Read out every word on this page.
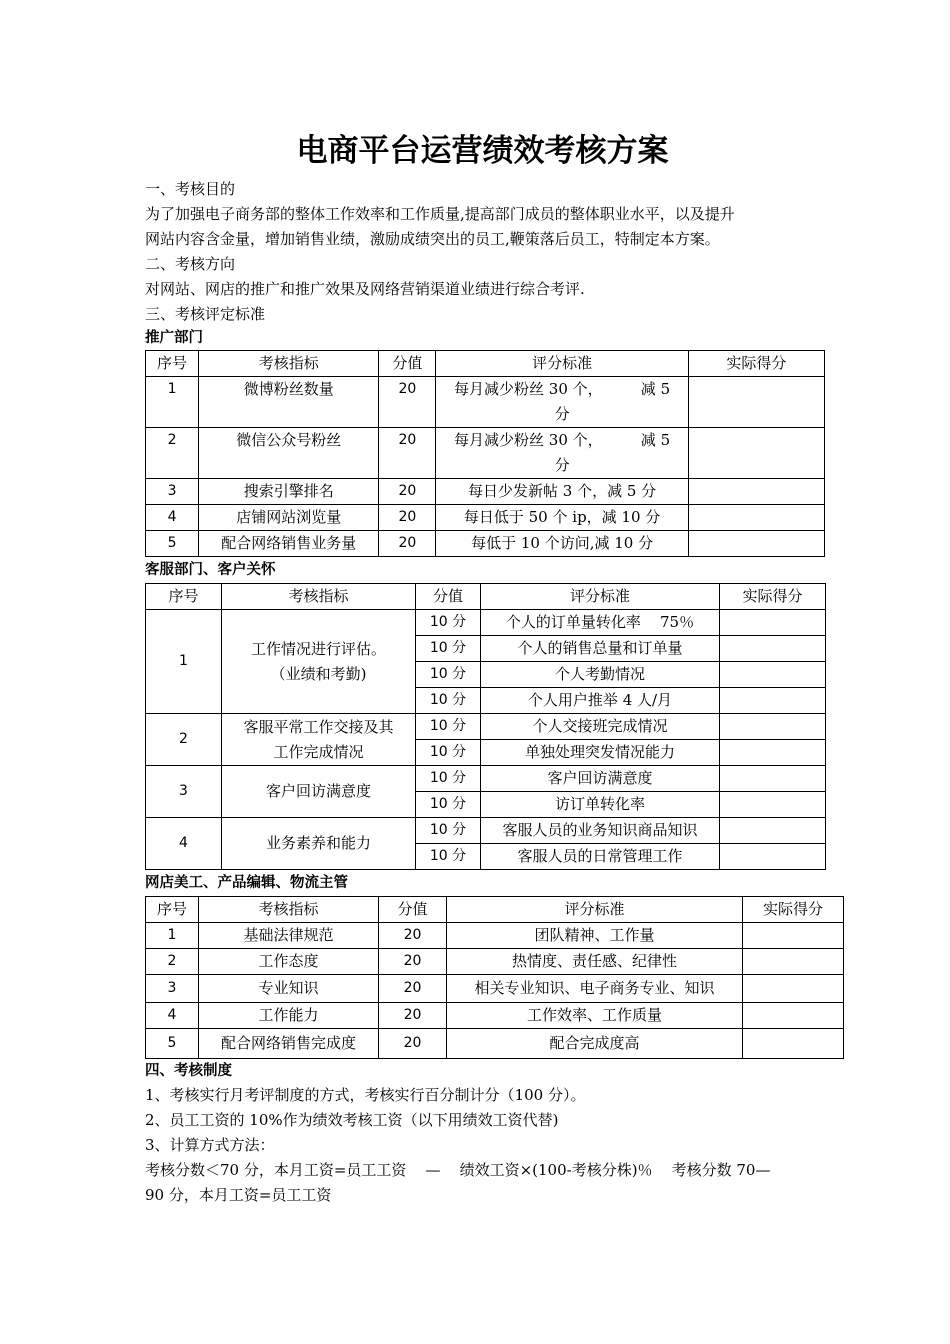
电商平台运营绩效考核方案

一、考核目的

为了加强电子商务部的整体工作效率和工作质量,提高部门成员的整体职业水平，以及提升

网站内容含金量，增加销售业绩，激励成绩突出的员工,鞭策落后员工，特制定本方案。

二、考核方向

对网站、网店的推广和推广效果及网络营销渠道业绩进行综合考评.

三、考核评定标准

推广部门

序号	考核指标	分值	评分标准	实际得分
1	微博粉丝数量	20	每月减少粉丝 30 个，        减 5
分	

2	微信公众号粉丝	20	每月减少粉丝 30 个，        减 5
分	

3	搜索引擎排名	20	每日少发新帖 3 个，减 5 分	
4	店铺网站浏览量	20	每日低于 50 个 ip，减 10 分	
5	配合网络销售业务量	20	每低于 10 个访问,减 10 分	

客服部门、客户关怀

序号	考核指标	分值	评分标准	实际得分
1	工作情况进行评估。
（业绩和考勤)	10 分	个人的订单量转化率    75％	
		10 分	个人的销售总量和订单量	
		10 分	个人考勤情况	
		10 分	个人用户推举 4 人/月	
2	客服平常工作交接及其
工作完成情况	10 分	个人交接班完成情况	
		10 分	单独处理突发情况能力	
3	客户回访满意度	10 分	客户回访满意度	
		10 分	访订单转化率	
4	业务素养和能力	10 分	客服人员的业务知识商品知识	
		10 分	客服人员的日常管理工作	

网店美工、产品编辑、物流主管

序号	考核指标	分值	评分标准	实际得分
1	基础法律规范	20	团队精神、工作量	
2	工作态度	20	热情度、责任感、纪律性	
3	专业知识	20	相关专业知识、电子商务专业、知识	
4	工作能力	20	工作效率、工作质量	
5	配合网络销售完成度	20	配合完成度高	

四、考核制度

1、考核实行月考评制度的方式，考核实行百分制计分（100 分）。

2、员工工资的 10%作为绩效考核工资（以下用绩效工资代替)

3、计算方式方法：

考核分数＜70 分，本月工资=员工工资    —    绩效工资×(100-考核分株)％    考核分数 70—

90 分，本月工资=员工工资
